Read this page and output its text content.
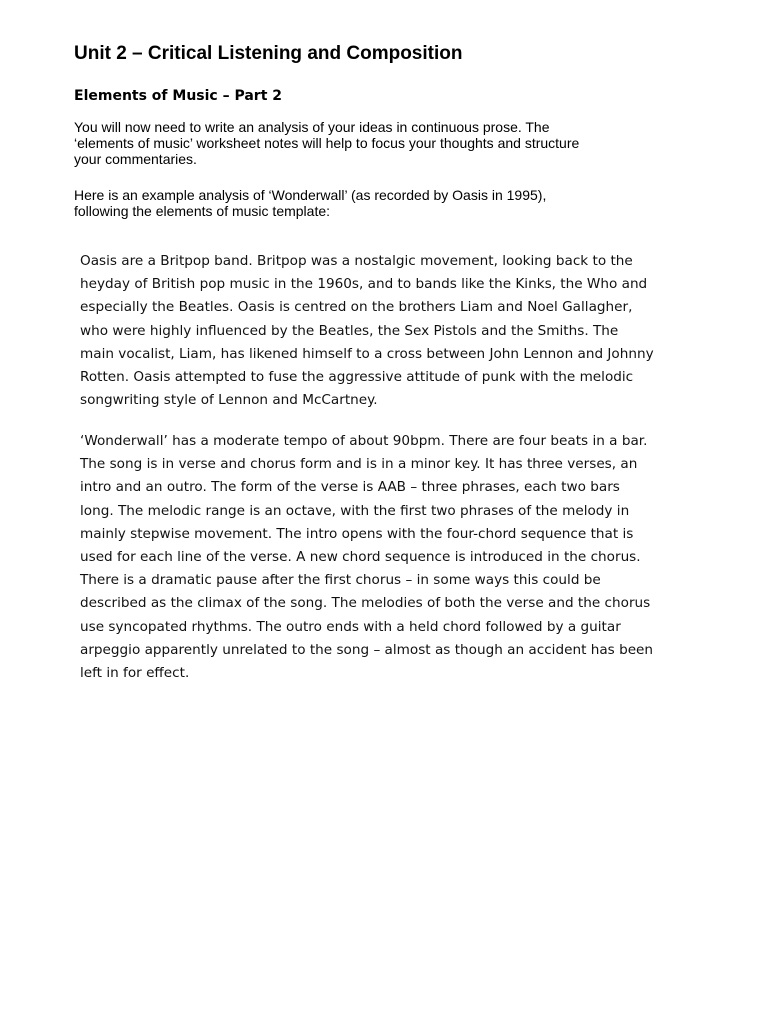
Unit 2 – Critical Listening and Composition
Elements of Music – Part 2

You will now need to write an analysis of your ideas in continuous prose. The
‘elements of music’ worksheet notes will help to focus your thoughts and structure
your commentaries.

Here is an example analysis of ‘Wonderwall’ (as recorded by Oasis in 1995),
following the elements of music template:

Oasis are a Britpop band. Britpop was a nostalgic movement, looking back to the
heyday of British pop music in the 1960s, and to bands like the Kinks, the Who and
especially the Beatles. Oasis is centred on the brothers Liam and Noel Gallagher,
who were highly influenced by the Beatles, the Sex Pistols and the Smiths. The
main vocalist, Liam, has likened himself to a cross between John Lennon and Johnny
Rotten. Oasis attempted to fuse the aggressive attitude of punk with the melodic
songwriting style of Lennon and McCartney.

‘Wonderwall’ has a moderate tempo of about 90bpm. There are four beats in a bar.
The song is in verse and chorus form and is in a minor key. It has three verses, an
intro and an outro. The form of the verse is AAB – three phrases, each two bars
long. The melodic range is an octave, with the first two phrases of the melody in
mainly stepwise movement. The intro opens with the four-chord sequence that is
used for each line of the verse. A new chord sequence is introduced in the chorus.
There is a dramatic pause after the first chorus – in some ways this could be
described as the climax of the song. The melodies of both the verse and the chorus
use syncopated rhythms. The outro ends with a held chord followed by a guitar
arpeggio apparently unrelated to the song – almost as though an accident has been
left in for effect.
